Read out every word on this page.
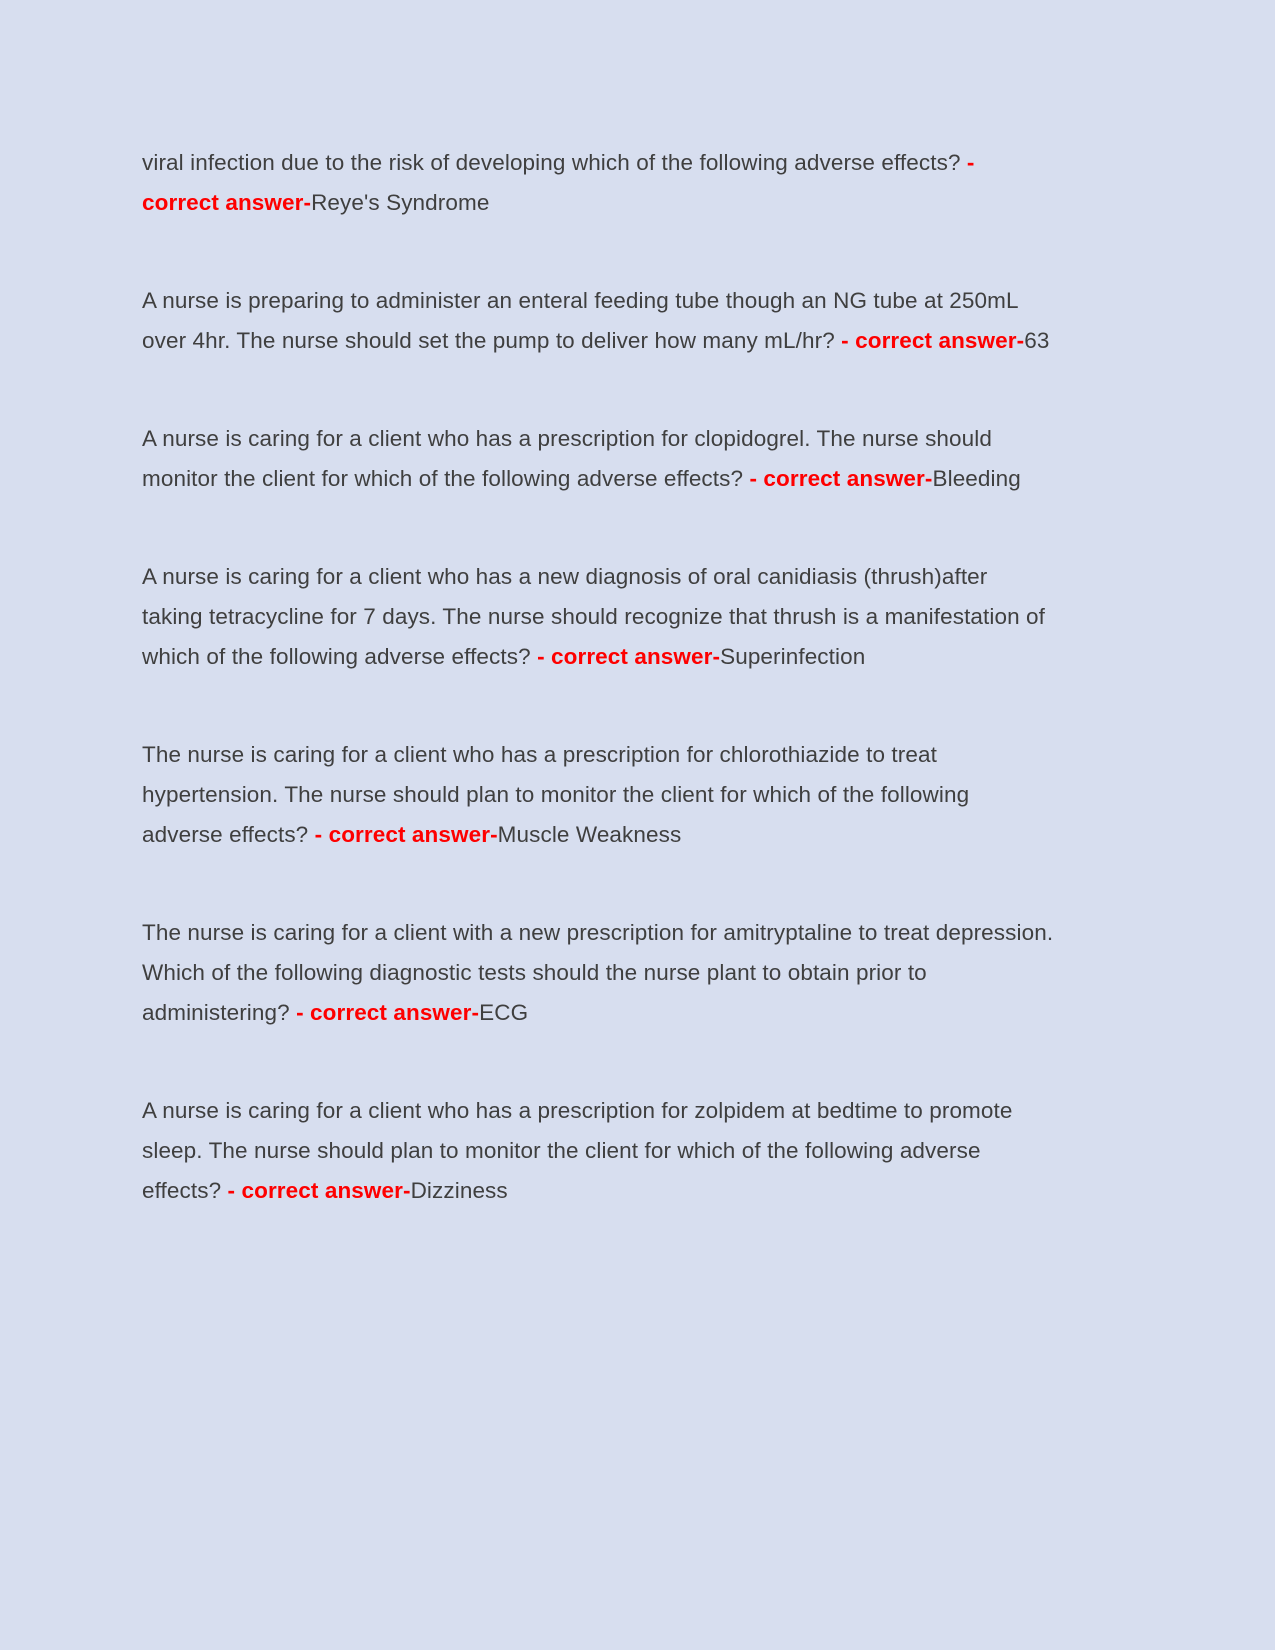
viral infection due to the risk of developing which of the following adverse effects? - correct answer-Reye's Syndrome

A nurse is preparing to administer an enteral feeding tube though an NG tube at 250mL over 4hr. The nurse should set the pump to deliver how many mL/hr? - correct answer-63

A nurse is caring for a client who has a prescription for clopidogrel. The nurse should monitor the client for which of the following adverse effects? - correct answer-Bleeding

A nurse is caring for a client who has a new diagnosis of oral canidiasis (thrush)after taking tetracycline for 7 days. The nurse should recognize that thrush is a manifestation of which of the following adverse effects? - correct answer-Superinfection

The nurse is caring for a client who has a prescription for chlorothiazide to treat hypertension. The nurse should plan to monitor the client for which of the following adverse effects? - correct answer-Muscle Weakness

The nurse is caring for a client with a new prescription for amitryptaline to treat depression. Which of the following diagnostic tests should the nurse plant to obtain prior to administering? - correct answer-ECG

A nurse is caring for a client who has a prescription for zolpidem at bedtime to promote sleep. The nurse should plan to monitor the client for which of the following adverse effects? - correct answer-Dizziness
